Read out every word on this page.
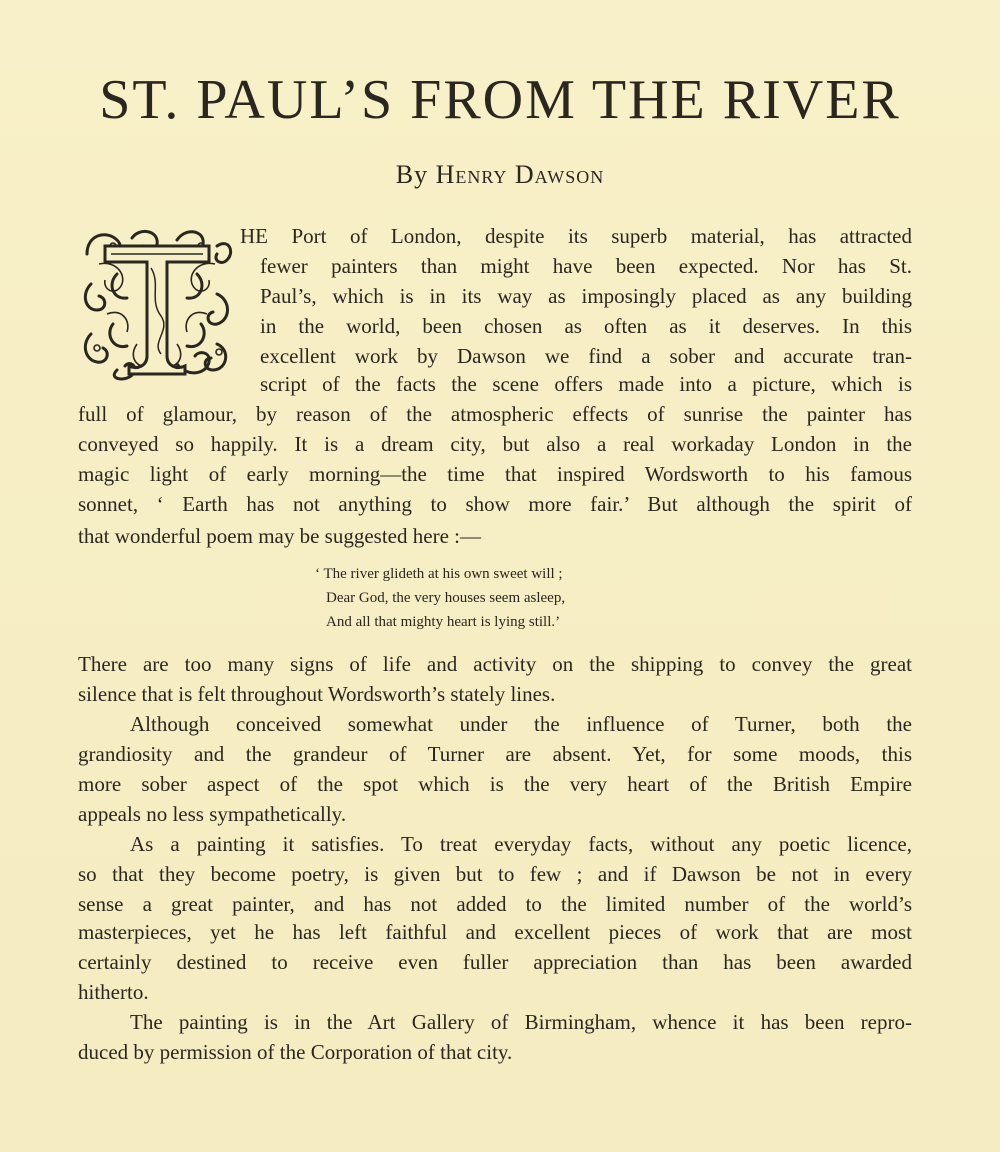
ST. PAUL’S FROM THE RIVER
By Henry Dawson
HE Port of London, despite its superb material, has attracted
fewer painters than might have been expected. Nor has St.
Paul’s, which is in its way as imposingly placed as any building
in the world, been chosen as often as it deserves. In this
excellent work by Dawson we find a sober and accurate tran-
script of the facts the scene offers made into a picture, which is
full of glamour, by reason of the atmospheric effects of sunrise the painter has
conveyed so happily. It is a dream city, but also a real workaday London in the
magic light of early morning—the time that inspired Wordsworth to his famous
sonnet, ‘ Earth has not anything to show more fair.’ But although the spirit of
that wonderful poem may be suggested here :—
‘ The river glideth at his own sweet will ;
Dear God, the very houses seem asleep,
And all that mighty heart is lying still.’
There are too many signs of life and activity on the shipping to convey the great
silence that is felt throughout Wordsworth’s stately lines.
Although conceived somewhat under the influence of Turner, both the
grandiosity and the grandeur of Turner are absent. Yet, for some moods, this
more sober aspect of the spot which is the very heart of the British Empire
appeals no less sympathetically.
As a painting it satisfies. To treat everyday facts, without any poetic licence,
so that they become poetry, is given but to few ; and if Dawson be not in every
sense a great painter, and has not added to the limited number of the world’s
masterpieces, yet he has left faithful and excellent pieces of work that are most
certainly destined to receive even fuller appreciation than has been awarded
hitherto.
The painting is in the Art Gallery of Birmingham, whence it has been repro-
duced by permission of the Corporation of that city.
